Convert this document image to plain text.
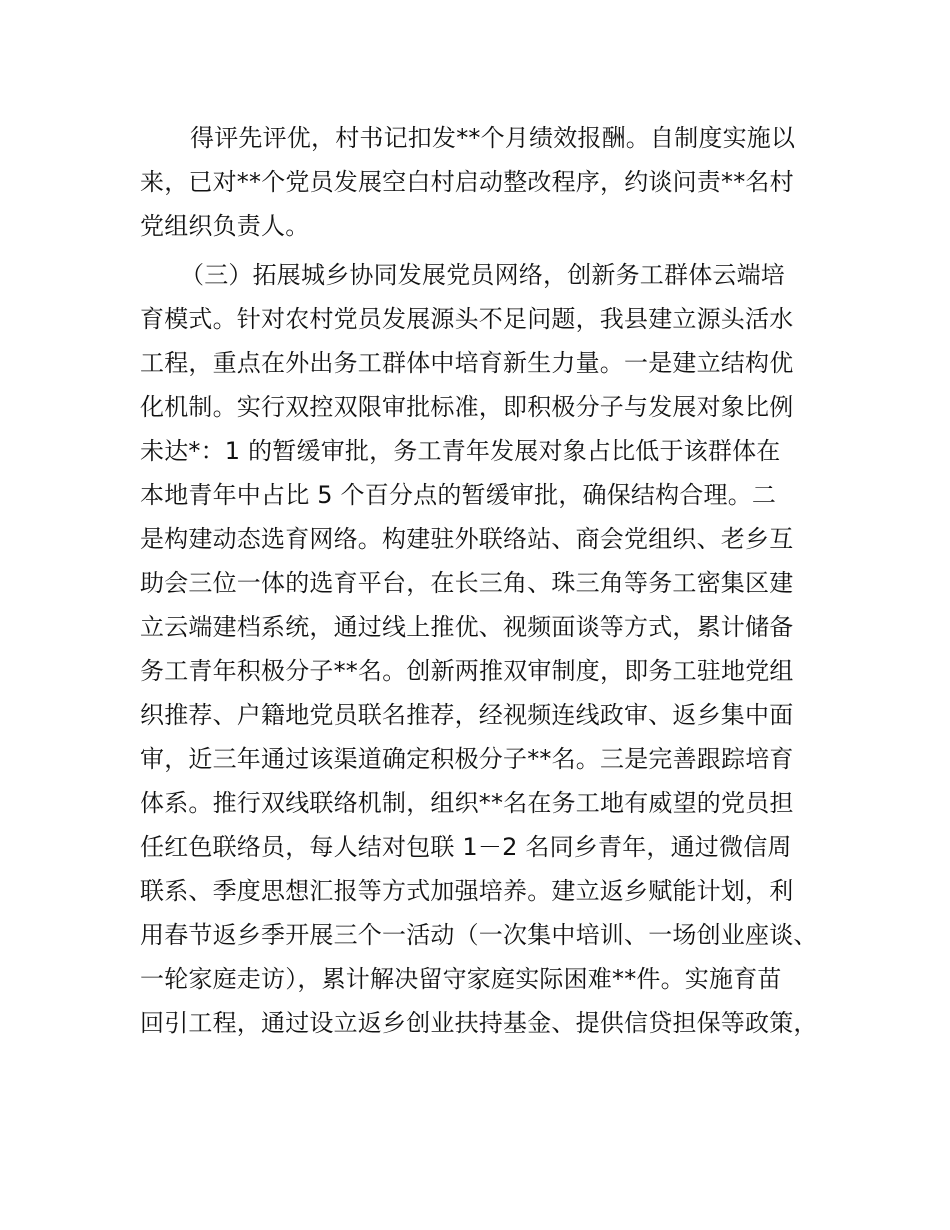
得评先评优，村书记扣发**个月绩效报酬。自制度实施以
来，已对**个党员发展空白村启动整改程序，约谈问责**名村
党组织负责人。
（三）拓展城乡协同发展党员网络，创新务工群体云端培
育模式。针对农村党员发展源头不足问题，我县建立源头活水
工程，重点在外出务工群体中培育新生力量。一是建立结构优
化机制。实行双控双限审批标准，即积极分子与发展对象比例
未达*：1 的暂缓审批，务工青年发展对象占比低于该群体在
本地青年中占比 5 个百分点的暂缓审批，确保结构合理。二
是构建动态选育网络。构建驻外联络站、商会党组织、老乡互
助会三位一体的选育平台，在长三角、珠三角等务工密集区建
立云端建档系统，通过线上推优、视频面谈等方式，累计储备
务工青年积极分子**名。创新两推双审制度，即务工驻地党组
织推荐、户籍地党员联名推荐，经视频连线政审、返乡集中面
审，近三年通过该渠道确定积极分子**名。三是完善跟踪培育
体系。推行双线联络机制，组织**名在务工地有威望的党员担
任红色联络员，每人结对包联 1－2 名同乡青年，通过微信周
联系、季度思想汇报等方式加强培养。建立返乡赋能计划，利
用春节返乡季开展三个一活动（一次集中培训、一场创业座谈、
一轮家庭走访），累计解决留守家庭实际困难**件。实施育苗
回引工程，通过设立返乡创业扶持基金、提供信贷担保等政策，
